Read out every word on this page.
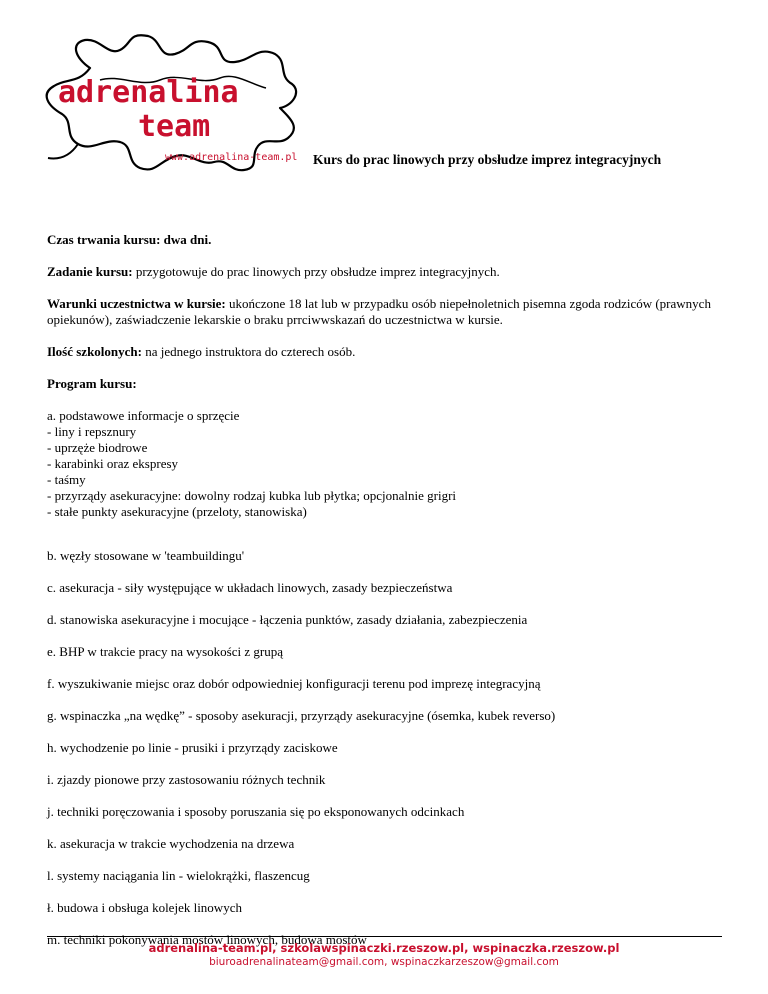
adrenalina
team
www.adrenalina-team.pl Kurs do prac linowych przy obsłudze imprez integracyjnych

Czas trwania kursu: dwa dni.

Zadanie kursu: przygotowuje do prac linowych przy obsłudze imprez integracyjnych.

Warunki uczestnictwa w kursie: ukończone 18 lat lub w przypadku osób niepełnoletnich pisemna zgoda rodziców (prawnych opiekunów), zaświadczenie lekarskie o braku prrciwwskazań do uczestnictwa w kursie.

Ilość szkolonych: na jednego instruktora do czterech osób.

Program kursu:

a. podstawowe informacje o sprzęcie

- liny i repsznury

- uprzęże biodrowe

- karabinki oraz ekspresy

- taśmy

- przyrządy asekuracyjne: dowolny rodzaj kubka lub płytka; opcjonalnie grigri

- stałe punkty asekuracyjne (przeloty, stanowiska)

b. węzły stosowane w 'teambuildingu'

c. asekuracja - siły występujące w układach linowych, zasady bezpieczeństwa

d. stanowiska asekuracyjne i mocujące - łączenia punktów, zasady działania, zabezpieczenia

e. BHP w trakcie pracy na wysokości z grupą

f. wyszukiwanie miejsc oraz dobór odpowiedniej konfiguracji terenu pod imprezę integracyjną

g. wspinaczka „na wędkę” - sposoby asekuracji, przyrządy asekuracyjne (ósemka, kubek reverso)

h. wychodzenie po linie - prusiki i przyrządy zaciskowe

i. zjazdy pionowe przy zastosowaniu różnych technik

j. techniki poręczowania i sposoby poruszania się po eksponowanych odcinkach

k. asekuracja w trakcie wychodzenia na drzewa

l. systemy naciągania lin - wielokrążki, flaszencug

ł. budowa i obsługa kolejek linowych

m. techniki pokonywania mostów linowych, budowa mostów

adrenalina-team.pl, szkolawspinaczki.rzeszow.pl, wspinaczka.rzeszow.pl
biuroadrenalinateam@gmail.com, wspinaczkarzeszow@gmail.com
